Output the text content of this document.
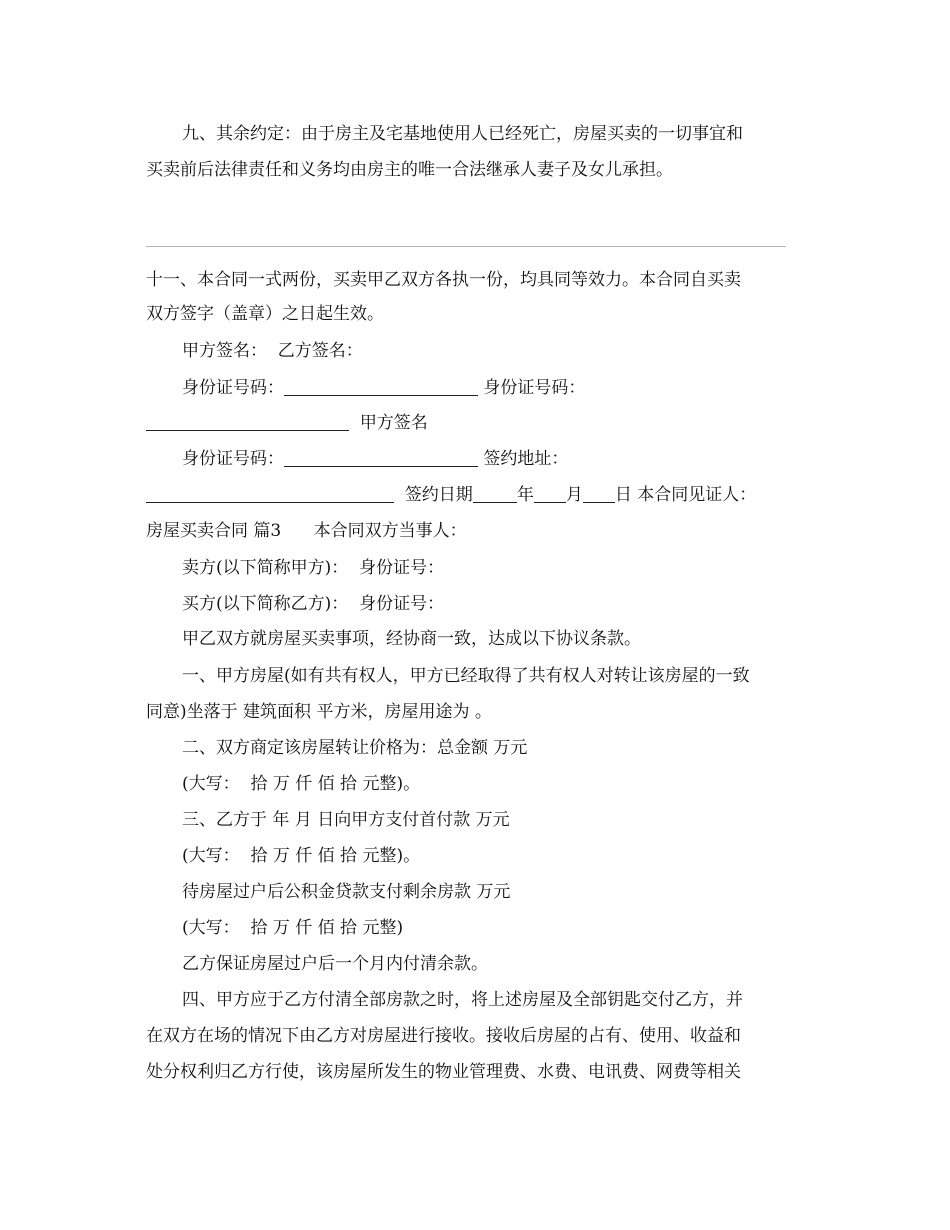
九、其余约定：由于房主及宅基地使用人已经死亡，房屋买卖的一切事宜和
买卖前后法律责任和义务均由房主的唯一合法继承人妻子及女儿承担。
十一、本合同一式两份，买卖甲乙双方各执一份，均具同等效力。本合同自买卖
双方签字（盖章）之日起生效。
甲方签名：  乙方签名：
身份证号码：	身份证号码：
甲方签名
身份证号码：	签约地址：
签约日期	年 月 日 本合同见证人：
房屋买卖合同 篇3 本合同双方当事人：
卖方(以下简称甲方)：  身份证号：
买方(以下简称乙方)：  身份证号：
甲乙双方就房屋买卖事项，经协商一致，达成以下协议条款。
一、甲方房屋(如有共有权人，甲方已经取得了共有权人对转让该房屋的一致
同意)坐落于 建筑面积 平方米，房屋用途为 。
二、双方商定该房屋转让价格为：总金额 万元
(大写：  拾 万 仟 佰 拾 元整)。
三、乙方于 年 月 日向甲方支付首付款 万元
(大写：  拾 万 仟 佰 拾 元整)。
待房屋过户后公积金贷款支付剩余房款 万元
(大写：  拾 万 仟 佰 拾 元整)
乙方保证房屋过户后一个月内付清余款。
四、甲方应于乙方付清全部房款之时，将上述房屋及全部钥匙交付乙方，并
在双方在场的情况下由乙方对房屋进行接收。接收后房屋的占有、使用、收益和
处分权利归乙方行使，该房屋所发生的物业管理费、水费、电讯费、网费等相关
